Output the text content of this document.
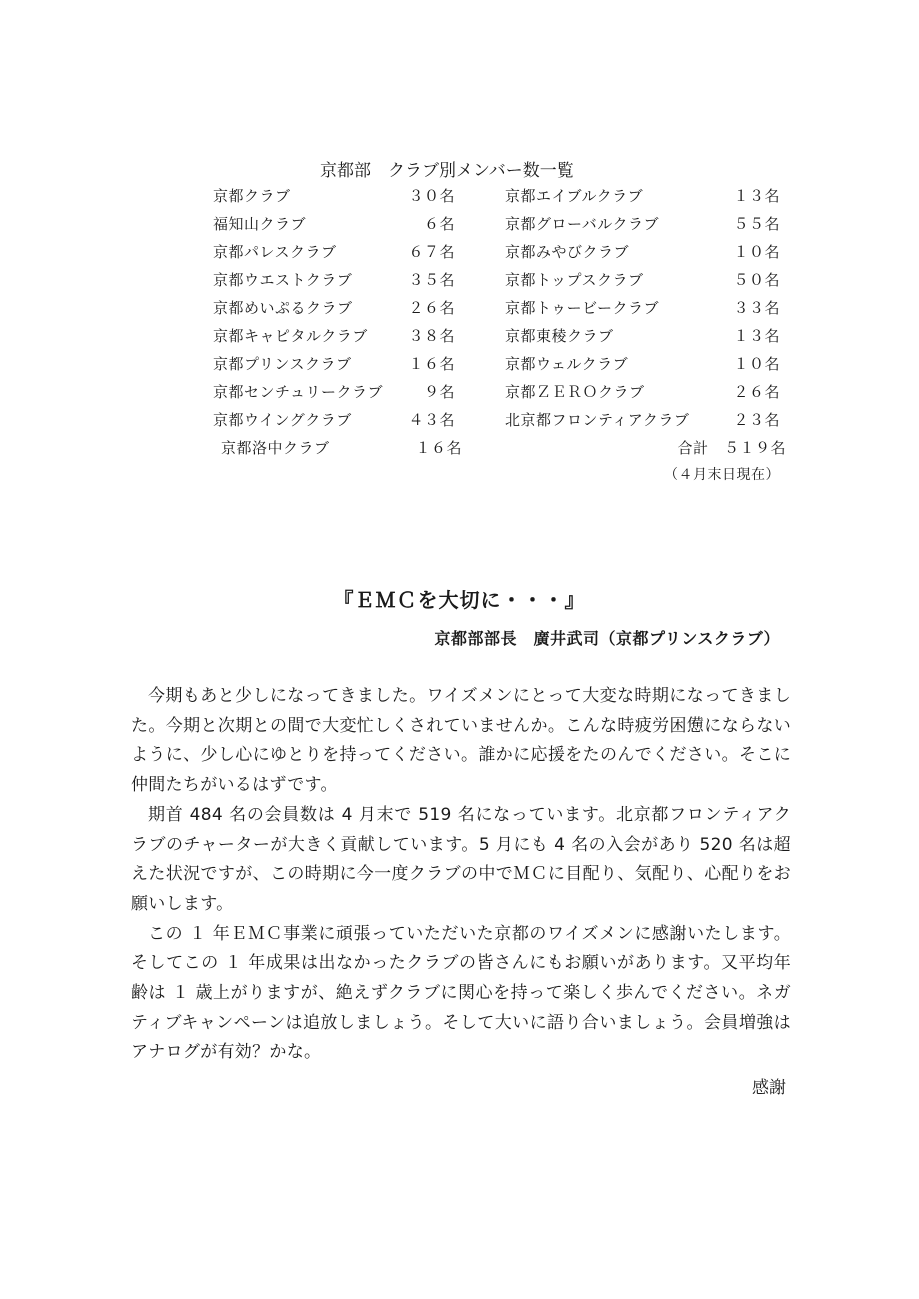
京都部　クラブ別メンバー数一覧
京都クラブ	３０名	京都エイブルクラブ	１３名
福知山クラブ	６名	京都グローバルクラブ	５５名
京都パレスクラブ	６７名	京都みやびクラブ	１０名
京都ウエストクラブ	３５名	京都トップスクラブ	５０名
京都めいぷるクラブ	２６名	京都トゥービークラブ	３３名
京都キャピタルクラブ	３８名	京都東稜クラブ	１３名
京都プリンスクラブ	１６名	京都ウェルクラブ	１０名
京都センチュリークラブ	９名	京都ＺＥＲＯクラブ	２６名
京都ウイングクラブ	４３名	北京都フロンティアクラブ	２３名
京都洛中クラブ	１６名	合計　５１９名
（４月末日現在）
『ＥＭＣを大切に・・・』
京都部部長　廣井武司（京都プリンスクラブ）

今期もあと少しになってきました。ワイズメンにとって大変な時期になってきました。今期と次期との間で大変忙しくされていませんか。こんな時疲労困憊にならないように、少し心にゆとりを持ってください。誰かに応援をたのんでください。そこに仲間たちがいるはずです。

期首 484 名の会員数は 4 月末で 519 名になっています。北京都フロンティアクラブのチャーターが大きく貢献しています。5 月にも 4 名の入会があり 520 名は超えた状況ですが、この時期に今一度クラブの中でＭＣに目配り、気配り、心配りをお願いします。

この １ 年ＥＭＣ事業に頑張っていただいた京都のワイズメンに感謝いたします。そしてこの １ 年成果は出なかったクラブの皆さんにもお願いがあります。又平均年齢は １ 歳上がりますが、絶えずクラブに関心を持って楽しく歩んでください。ネガティブキャンペーンは追放しましょう。そして大いに語り合いましょう。会員増強はアナログが有効？かな。

感謝
